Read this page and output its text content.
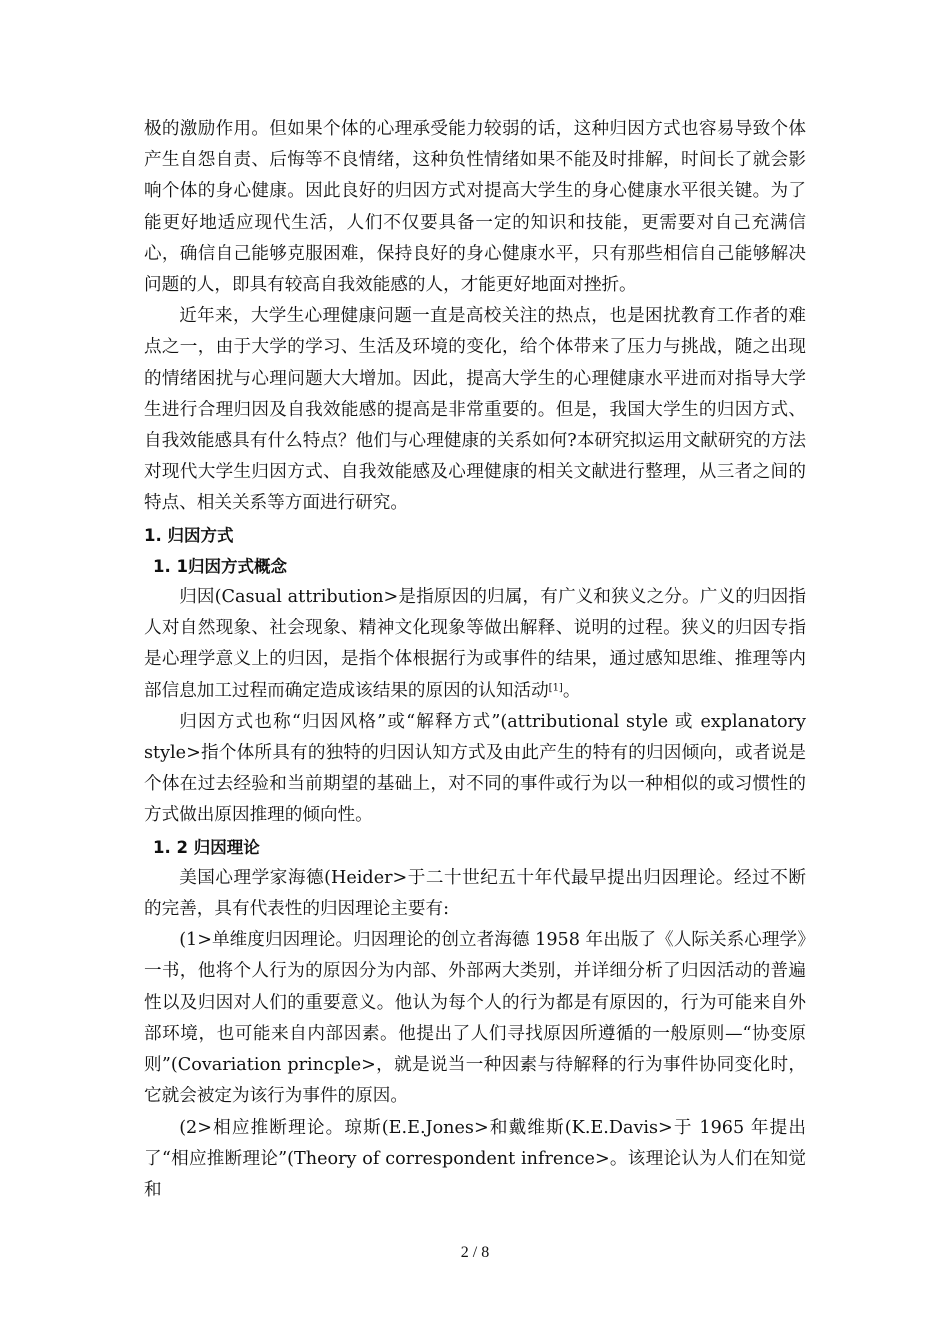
极的激励作用。但如果个体的心理承受能力较弱的话，这种归因方式也容易导致个体产生自怨自责、后悔等不良情绪，这种负性情绪如果不能及时排解，时间长了就会影响个体的身心健康。因此良好的归因方式对提高大学生的身心健康水平很关键。为了能更好地适应现代生活，人们不仅要具备一定的知识和技能，更需要对自己充满信心，确信自己能够克服困难，保持良好的身心健康水平，只有那些相信自己能够解决问题的人，即具有较高自我效能感的人，才能更好地面对挫折。

近年来，大学生心理健康问题一直是高校关注的热点，也是困扰教育工作者的难点之一，由于大学的学习、生活及环境的变化，给个体带来了压力与挑战，随之出现的情绪困扰与心理问题大大增加。因此，提高大学生的心理健康水平进而对指导大学生进行合理归因及自我效能感的提高是非常重要的。但是，我国大学生的归因方式、自我效能感具有什么特点？他们与心理健康的关系如何?本研究拟运用文献研究的方法对现代大学生归因方式、自我效能感及心理健康的相关文献进行整理，从三者之间的特点、相关关系等方面进行研究。

1. 归因方式

1. 1归因方式概念

归因(Casual attribution>是指原因的归属，有广义和狭义之分。广义的归因指人对自然现象、社会现象、精神文化现象等做出解释、说明的过程。狭义的归因专指是心理学意义上的归因，是指个体根据行为或事件的结果，通过感知思维、推理等内部信息加工过程而确定造成该结果的原因的认知活动[1]。

归因方式也称“归因风格”或“解释方式”(attributional style 或 explanatory style>指个体所具有的独特的归因认知方式及由此产生的特有的归因倾向，或者说是个体在过去经验和当前期望的基础上，对不同的事件或行为以一种相似的或习惯性的方式做出原因推理的倾向性。

1. 2 归因理论

美国心理学家海德(Heider>于二十世纪五十年代最早提出归因理论。经过不断的完善，具有代表性的归因理论主要有:

(1>单维度归因理论。归因理论的创立者海德 1958 年出版了《人际关系心理学》一书，他将个人行为的原因分为内部、外部两大类别，并详细分析了归因活动的普遍性以及归因对人们的重要意义。他认为每个人的行为都是有原因的，行为可能来自外部环境，也可能来自内部因素。他提出了人们寻找原因所遵循的一般原则—“协变原则”(Covariation princple>，就是说当一种因素与待解释的行为事件协同变化时，它就会被定为该行为事件的原因。

(2>相应推断理论。琼斯(E.E.Jones>和戴维斯(K.E.Davis>于 1965 年提出了“相应推断理论”(Theory of correspondent infrence>。该理论认为人们在知觉和

2 / 8
